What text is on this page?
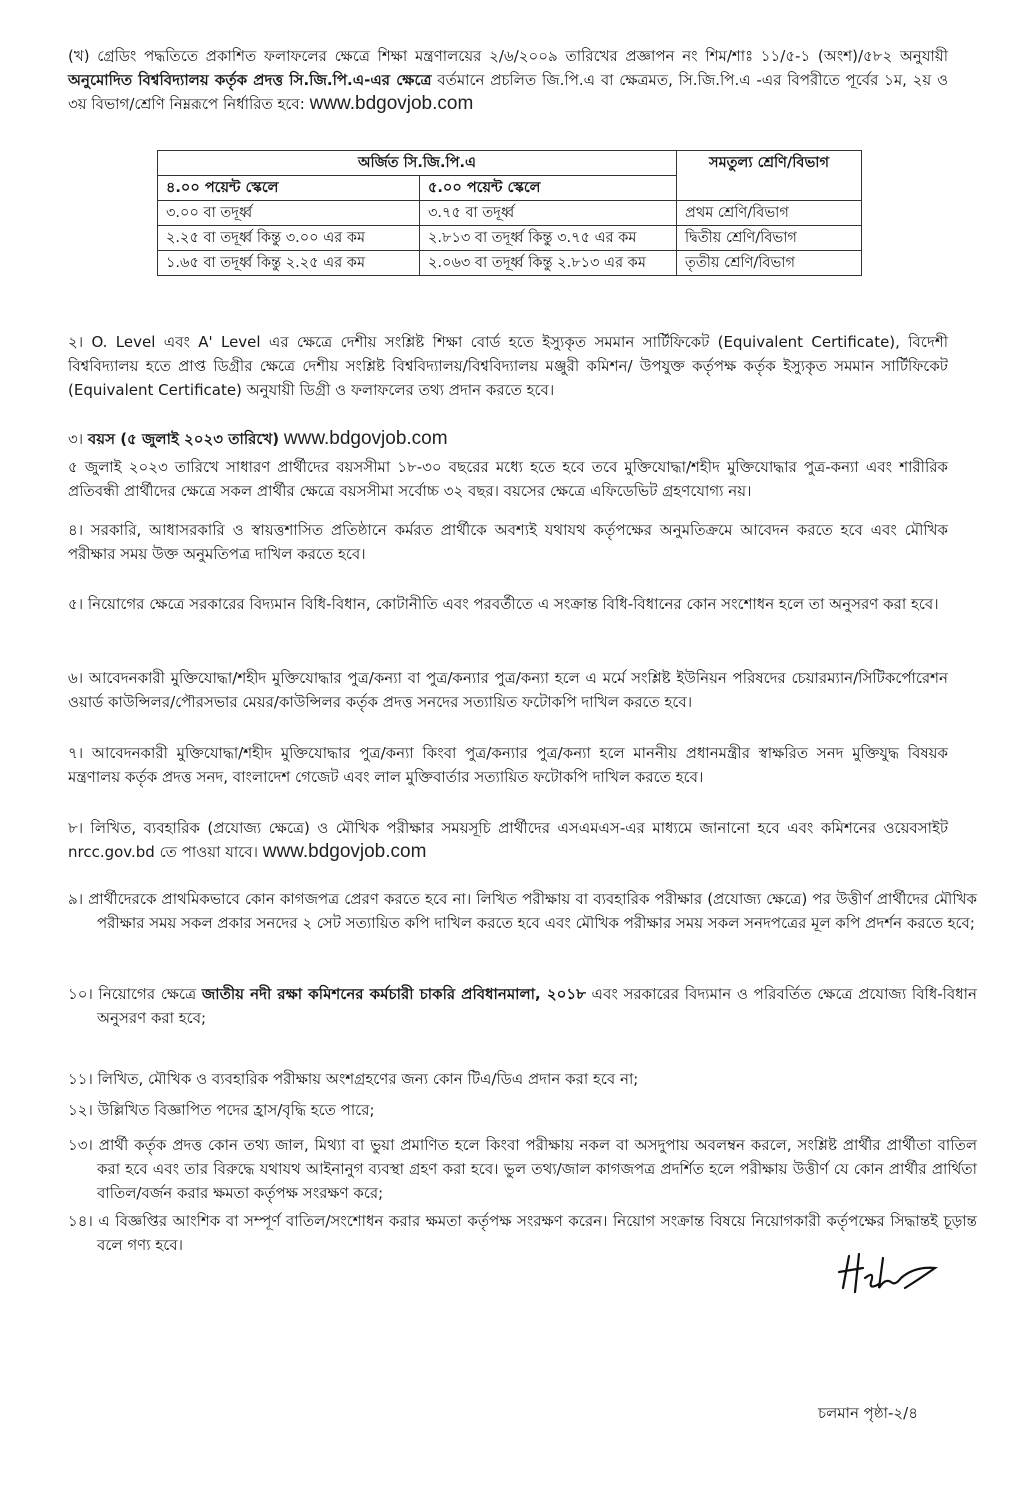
(খ) গ্রেডিং পদ্ধতিতে প্রকাশিত ফলাফলের ক্ষেত্রে শিক্ষা মন্ত্রণালয়ের ২/৬/২০০৯ তারিখের প্রজ্ঞাপন নং শিম/শাঃ ১১/৫-১ (অংশ)/৫৮২ অনুযায়ী অনুমোদিত বিশ্ববিদ্যালয় কর্তৃক প্রদত্ত সি.জি.পি.এ-এর ক্ষেত্রে বর্তমানে প্রচলিত জি.পি.এ বা ক্ষেত্রমত, সি.জি.পি.এ -এর বিপরীতে পূর্বের ১ম, ২য় ও ৩য় বিভাগ/শ্রেণি নিম্নরূপে নির্ধারিত হবে: www.bdgovjob.com
অর্জিত সি.জি.পি.এ		সমতুল্য শ্রেণি/বিভাগ
৪.০০ পয়েন্ট স্কেলে	৫.০০ পয়েন্ট স্কেলে	
৩.০০ বা তদূর্ধ্ব	৩.৭৫ বা তদূর্ধ্ব	প্রথম শ্রেণি/বিভাগ
২.২৫ বা তদূর্ধ্ব কিন্তু ৩.০০ এর কম	২.৮১৩ বা তদূর্ধ্ব কিন্তু ৩.৭৫ এর কম	দ্বিতীয় শ্রেণি/বিভাগ
১.৬৫ বা তদূর্ধ্ব কিন্তু ২.২৫ এর কম	২.০৬৩ বা তদূর্ধ্ব কিন্তু ২.৮১৩ এর কম	তৃতীয় শ্রেণি/বিভাগ
২। O. Level এবং A' Level এর ক্ষেত্রে দেশীয় সংশ্লিষ্ট শিক্ষা বোর্ড হতে ইস্যুকৃত সমমান সার্টিফিকেট (Equivalent Certificate), বিদেশী বিশ্ববিদ্যালয় হতে প্রাপ্ত ডিগ্রীর ক্ষেত্রে দেশীয় সংশ্লিষ্ট বিশ্ববিদ্যালয়/বিশ্ববিদ্যালয় মঞ্জুরী কমিশন/ উপযুক্ত কর্তৃপক্ষ কর্তৃক ইস্যুকৃত সমমান সার্টিফিকেট (Equivalent Certificate) অনুযায়ী ডিগ্রী ও ফলাফলের তথ্য প্রদান করতে হবে।
৩। বয়স (৫ জুলাই ২০২৩ তারিখে) www.bdgovjob.com
৫ জুলাই ২০২৩ তারিখে সাধারণ প্রার্থীদের বয়সসীমা ১৮-৩০ বছরের মধ্যে হতে হবে তবে মুক্তিযোদ্ধা/শহীদ মুক্তিযোদ্ধার পুত্র-কন্যা এবং শারীরিক প্রতিবন্ধী প্রার্থীদের ক্ষেত্রে সকল প্রার্থীর ক্ষেত্রে বয়সসীমা সর্বোচ্চ ৩২ বছর। বয়সের ক্ষেত্রে এফিডেভিট গ্রহণযোগ্য নয়।
৪। সরকারি, আধাসরকারি ও স্বায়ত্তশাসিত প্রতিষ্ঠানে কর্মরত প্রার্থীকে অবশ্যই যথাযথ কর্তৃপক্ষের অনুমতিক্রমে আবেদন করতে হবে এবং মৌখিক পরীক্ষার সময় উক্ত অনুমতিপত্র দাখিল করতে হবে।
৫। নিয়োগের ক্ষেত্রে সরকারের বিদ্যমান বিধি-বিধান, কোটানীতি এবং পরবর্তীতে এ সংক্রান্ত বিধি-বিধানের কোন সংশোধন হলে তা অনুসরণ করা হবে।
৬। আবেদনকারী মুক্তিযোদ্ধা/শহীদ মুক্তিযোদ্ধার পুত্র/কন্যা বা পুত্র/কন্যার পুত্র/কন্যা হলে এ মর্মে সংশ্লিষ্ট ইউনিয়ন পরিষদের চেয়ারম্যান/সিটিকর্পোরেশন ওয়ার্ড কাউন্সিলর/পৌরসভার মেয়র/কাউন্সিলর কর্তৃক প্রদত্ত সনদের সত্যায়িত ফটোকপি দাখিল করতে হবে।
৭। আবেদনকারী মুক্তিযোদ্ধা/শহীদ মুক্তিযোদ্ধার পুত্র/কন্যা কিংবা পুত্র/কন্যার পুত্র/কন্যা হলে মাননীয় প্রধানমন্ত্রীর স্বাক্ষরিত সনদ মুক্তিযুদ্ধ বিষয়ক মন্ত্রণালয় কর্তৃক প্রদত্ত সনদ, বাংলাদেশ গেজেট এবং লাল মুক্তিবার্তার সত্যায়িত ফটোকপি দাখিল করতে হবে।
৮। লিখিত, ব্যবহারিক (প্রযোজ্য ক্ষেত্রে) ও মৌখিক পরীক্ষার সময়সূচি প্রার্থীদের এসএমএস-এর মাধ্যমে জানানো হবে এবং কমিশনের ওয়েবসাইট nrcc.gov.bd তে পাওয়া যাবে। www.bdgovjob.com
৯। প্রার্থীদেরকে প্রাথমিকভাবে কোন কাগজপত্র প্রেরণ করতে হবে না। লিখিত পরীক্ষায় বা ব্যবহারিক পরীক্ষার (প্রযোজ্য ক্ষেত্রে) পর উত্তীর্ণ প্রার্থীদের মৌখিক পরীক্ষার সময় সকল প্রকার সনদের ২ সেট সত্যায়িত কপি দাখিল করতে হবে এবং মৌখিক পরীক্ষার সময় সকল সনদপত্রের মূল কপি প্রদর্শন করতে হবে;
১০। নিয়োগের ক্ষেত্রে জাতীয় নদী রক্ষা কমিশনের কর্মচারী চাকরি প্রবিধানমালা, ২০১৮ এবং সরকারের বিদ্যমান ও পরিবর্তিত ক্ষেত্রে প্রযোজ্য বিধি-বিধান অনুসরণ করা হবে;
১১। লিখিত, মৌখিক ও ব্যবহারিক পরীক্ষায় অংশগ্রহণের জন্য কোন টিএ/ডিএ প্রদান করা হবে না;
১২। উল্লিখিত বিজ্ঞাপিত পদের হ্রাস/বৃদ্ধি হতে পারে;
১৩। প্রার্থী কর্তৃক প্রদত্ত কোন তথ্য জাল, মিথ্যা বা ভুয়া প্রমাণিত হলে কিংবা পরীক্ষায় নকল বা অসদুপায় অবলম্বন করলে, সংশ্লিষ্ট প্রার্থীর প্রার্থীতা বাতিল করা হবে এবং তার বিরুদ্ধে যথাযথ আইনানুগ ব্যবস্থা গ্রহণ করা হবে। ভুল তথ্য/জাল কাগজপত্র প্রদর্শিত হলে পরীক্ষায় উত্তীর্ণ যে কোন প্রার্থীর প্রার্থিতা বাতিল/বর্জন করার ক্ষমতা কর্তৃপক্ষ সংরক্ষণ করে;
১৪। এ বিজ্ঞপ্তির আংশিক বা সম্পূর্ণ বাতিল/সংশোধন করার ক্ষমতা কর্তৃপক্ষ সংরক্ষণ করেন। নিয়োগ সংক্রান্ত বিষয়ে নিয়োগকারী কর্তৃপক্ষের সিদ্ধান্তই চূড়ান্ত বলে গণ্য হবে।
চলমান পৃষ্ঠা-২/৪
